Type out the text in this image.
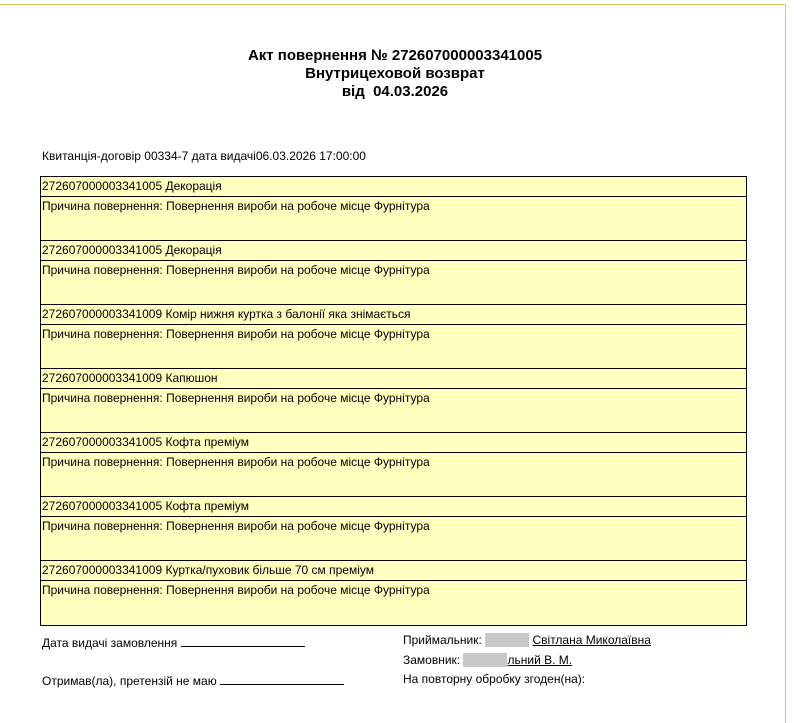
Акт повернення № 272607000003341005
Внутрицеховой возврат
від  04.03.2026
Квитанція-договір 00334-7 дата видачі06.03.2026 17:00:00
272607000003341005 Декорація
Причина повернення: Повернення вироби на робоче місце Фурнітура
272607000003341005 Декорація
Причина повернення: Повернення вироби на робоче місце Фурнітура
272607000003341009 Комір нижня куртка з балонії яка знімається
Причина повернення: Повернення вироби на робоче місце Фурнітура
272607000003341009 Капюшон
Причина повернення: Повернення вироби на робоче місце Фурнітура
272607000003341005 Кофта преміум
Причина повернення: Повернення вироби на робоче місце Фурнітура
272607000003341005 Кофта преміум
Причина повернення: Повернення вироби на робоче місце Фурнітура
272607000003341009 Куртка/пуховик більше 70 см преміум
Причина повернення: Повернення вироби на робоче місце Фурнітура
Дата видачі замовлення
Отримав(ла), претензій не маю
Приймальник:	Світлана Миколаївна
Замовник:	льний В. М.
На повторну обробку згоден(на):
